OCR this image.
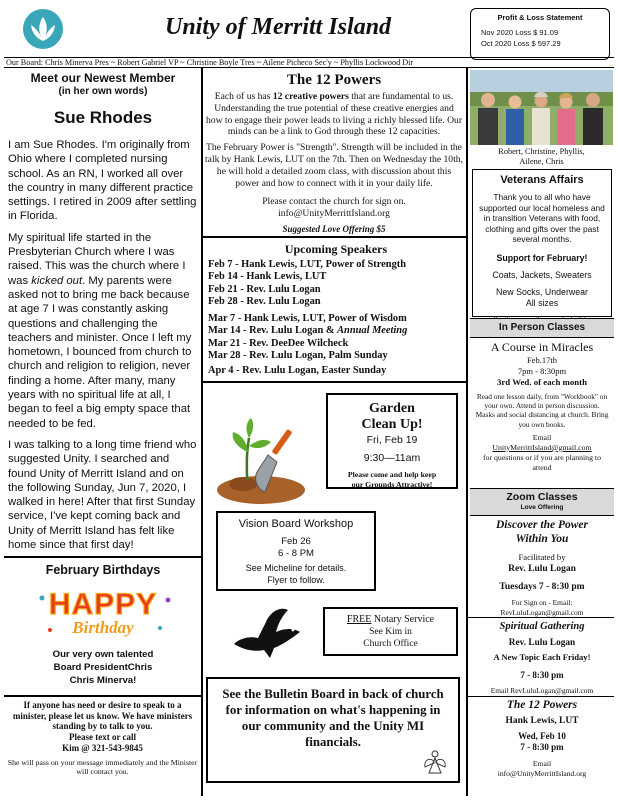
Unity of Merritt Island	Profit & Loss Statement
Nov 2020 Loss $ 91.09
Oct 2020 Loss $ 597.29
Our Board: Chris Minerva Pres ~ Robert Gabriel VP ~ Christine Boyle Tres ~ Ailene Picheco Sec'y ~ Phyllis Lockwood Dir
Meet our Newest Member
(in her own words)
Sue Rhodes

I am Sue Rhodes. I'm originally from Ohio where I completed nursing school. As an RN, I worked all over the country in many different practice settings. I retired in 2009 after settling in Florida.

My spiritual life started in the Presbyterian Church where I was raised. This was the church where I was kicked out. My parents were asked not to bring me back because at age 7 I was constantly asking questions and challenging the teachers and minister. Once I left my hometown, I bounced from church to church and religion to religion, never finding a home. After many, many years with no spiritual life at all, I began to feel a big empty space that needed to be fed.

I was talking to a long time friend who suggested Unity. I searched and found Unity of Merritt Island and on the following Sunday, Jun 7, 2020, I walked in here! After that first Sunday service, I've kept coming back and Unity of Merritt Island has felt like home since that first day!

February Birthdays
HAPPY
Birthday
Our very own talented
Board PresidentChris
Chris Minerva!
If anyone has need or desire to speak to a minister, please let us know. We have ministers standing by to talk to you.
Please text or call
Kim @ 321-543-9845
She will pass on your message immediately and the Minister will contact you.
The 12 Powers

Each of us has 12 creative powers that are fundamental to us. Understanding the true potential of these creative energies and how to engage their power leads to living a richly blessed life. Our minds can be a link to God through these 12 capacities.

The February Power is "Strength". Strength will be included in the talk by Hank Lewis, LUT on the 7th. Then on Wednesday the 10th, he will hold a detailed zoom class, with discussion about this power and how to connect with it in your daily life.

Please contact the church for sign on.

info@UnityMerrittIsland.org

Suggested Love Offering $5

Upcoming Speakers
Feb 7 - Hank Lewis, LUT, Power of Strength
Feb 14 - Hank Lewis, LUT
Feb 21 - Rev. Lulu Logan
Feb 28 - Rev. Lulu Logan
Mar 7 - Hank Lewis, LUT, Power of Wisdom
Mar 14 - Rev. Lulu Logan & Annual Meeting
Mar 21 - Rev. DeeDee Wilcheck
Mar 28 - Rev. Lulu Logan, Palm Sunday
Apr 4 - Rev. Lulu Logan, Easter Sunday
Garden
Clean Up!
Fri, Feb 19
9:30—11am
Please come and help keep
our Grounds Attractive!
Vision Board Workshop
Feb 26
6 - 8 PM
See Micheline for details.
Flyer to follow.
FREE Notary Service
See Kim in
Church Office
See the Bulletin Board in back of church for information on what's happening in our community and the Unity MI financials.
Robert, Christine, Phyllis,
Ailene, Chris
Veterans Affairs
Thank you to all who have supported our local homeless and in transition Veterans with food, clothing and gifts over the past several months.
Support for February!
Coats, Jackets, Sweaters
New Socks, Underwear
All sizes
In Person Classes
A Course in Miracles
Feb.17th
7pm - 8:30pm
3rd Wed. of each month
Read one lesson daily, from "Workbook" on your own. Attend in person discussion. Masks and social distancing at church. Bring you own books.
Email
UnityMerrittIsland@gmail.com
for questions or if you are planning to attend
Zoom Classes
Love Offering
Discover the Power
Within You
Facilitated by
Rev. Lulu Logan
Tuesdays 7 - 8:30 pm
For Sign on - Email:
RevLuluLogan@gmail.com
Spiritual Gathering
Rev. Lulu Logan
A New Topic Each Friday!
7 - 8:30 pm
Email RevLuluLogan@gmail.com
The 12 Powers
Hank Lewis, LUT
Wed, Feb 10
7 - 8:30 pm
Email
info@UnityMerrittIsland.org
